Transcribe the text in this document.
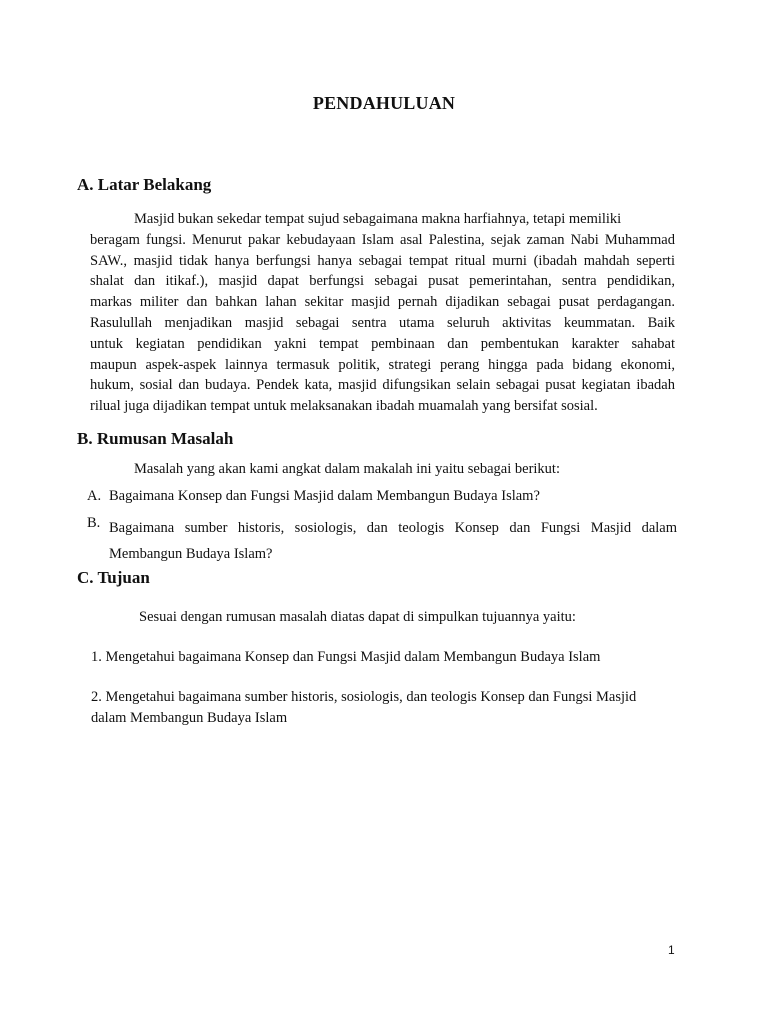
PENDAHULUAN
A. Latar Belakang
Masjid bukan sekedar tempat sujud sebagaimana makna harfiahnya, tetapi memiliki
beragam fungsi. Menurut pakar kebudayaan Islam asal Palestina, sejak zaman Nabi Muhammad
SAW., masjid tidak hanya berfungsi hanya sebagai tempat ritual murni (ibadah mahdah seperti
shalat dan itikaf.), masjid dapat berfungsi sebagai pusat pemerintahan, sentra pendidikan,
markas militer dan bahkan lahan sekitar masjid pernah dijadikan sebagai pusat perdagangan.
Rasulullah menjadikan masjid sebagai sentra utama seluruh aktivitas keummatan. Baik
untuk kegiatan pendidikan yakni tempat pembinaan dan pembentukan karakter sahabat
maupun aspek-aspek lainnya termasuk politik, strategi perang hingga pada bidang ekonomi,
hukum, sosial dan budaya. Pendek kata, masjid difungsikan selain sebagai pusat kegiatan ibadah
rilual juga dijadikan tempat untuk melaksanakan ibadah muamalah yang bersifat sosial.
B. Rumusan Masalah
Masalah yang akan kami angkat dalam makalah ini yaitu sebagai berikut:
A. Bagaimana Konsep dan Fungsi Masjid dalam Membangun Budaya Islam?
B. Bagaimana sumber historis, sosiologis, dan teologis Konsep dan Fungsi Masjid dalam
Membangun Budaya Islam?
C. Tujuan
Sesuai dengan rumusan masalah diatas dapat di simpulkan tujuannya yaitu:
1. Mengetahui bagaimana Konsep dan Fungsi Masjid dalam Membangun Budaya Islam
2. Mengetahui bagaimana sumber historis, sosiologis, dan teologis Konsep dan Fungsi Masjid
dalam Membangun Budaya Islam
1
